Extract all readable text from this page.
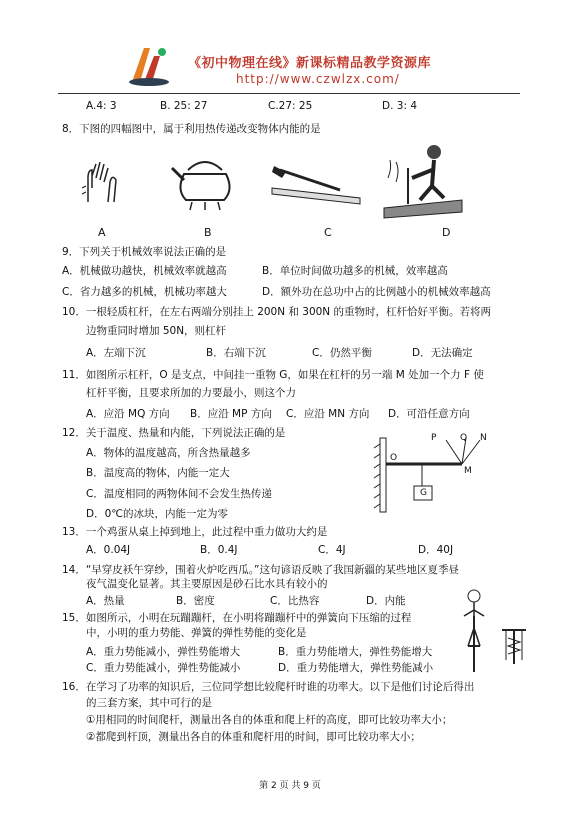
《初中物理在线》新课标精品教学资源库
http://www.czwlzx.com/
A.4: 3	B. 25: 27	C.27: 25	D. 3: 4
8．下图的四幅图中，属于利用热传递改变物体内能的是
A	B	C	D
9．下列关于机械效率说法正确的是
A．机械做功越快，机械效率就越高	B．单位时间做功越多的机械，效率越高
C．省力越多的机械，机械功率越大	D．额外功在总功中占的比例越小的机械效率越高
10．一根轻质杠杆，在左右两端分别挂上 200N 和 300N 的重物时，杠杆恰好平衡。若将两
边物重同时增加 50N，则杠杆
A．左端下沉	B．右端下沉	C．仍然平衡	D．无法确定
11．如图所示杠杆，O 是支点，中间挂一重物 G，如果在杠杆的另一端 M 处加一个力 F 使
杠杆平衡，且要求所加的力要最小，则这个力
A．应沿 MQ 方向 B．应沿 MP 方向 C．应沿 MN 方向 D．可沿任意方向
12．关于温度、热量和内能，下列说法正确的是
A．物体的温度越高，所含热量越多
B．温度高的物体，内能一定大
C．温度相同的两物体间不会发生热传递
D．0℃的冰块，内能一定为零
P	Q N
O
M
G
13．一个鸡蛋从桌上掉到地上，此过程中重力做功大约是
A．0.04J	B．0.4J	C．4J	D．40J
14．“早穿皮袄午穿纱，围着火炉吃西瓜。”这句谚语反映了我国新疆的某些地区夏季昼
夜气温变化显著。其主要原因是砂石比水具有较小的
A．热量	B．密度	C．比热容	D．内能
15．如图所示，小明在玩蹦蹦杆，在小明将蹦蹦杆中的弹簧向下压缩的过程
中，小明的重力势能、弹簧的弹性势能的变化是
A．重力势能减小，弹性势能增大	B．重力势能增大，弹性势能增大
C．重力势能减小，弹性势能减小	D．重力势能增大，弹性势能减小
16．在学习了功率的知识后，三位同学想比较爬杆时谁的功率大。以下是他们讨论后得出
的三套方案，其中可行的是
①用相同的时间爬杆，测量出各自的体重和爬上杆的高度，即可比较功率大小；
②都爬到杆顶，测量出各自的体重和爬杆用的时间，即可比较功率大小；
第 2 页 共 9 页
